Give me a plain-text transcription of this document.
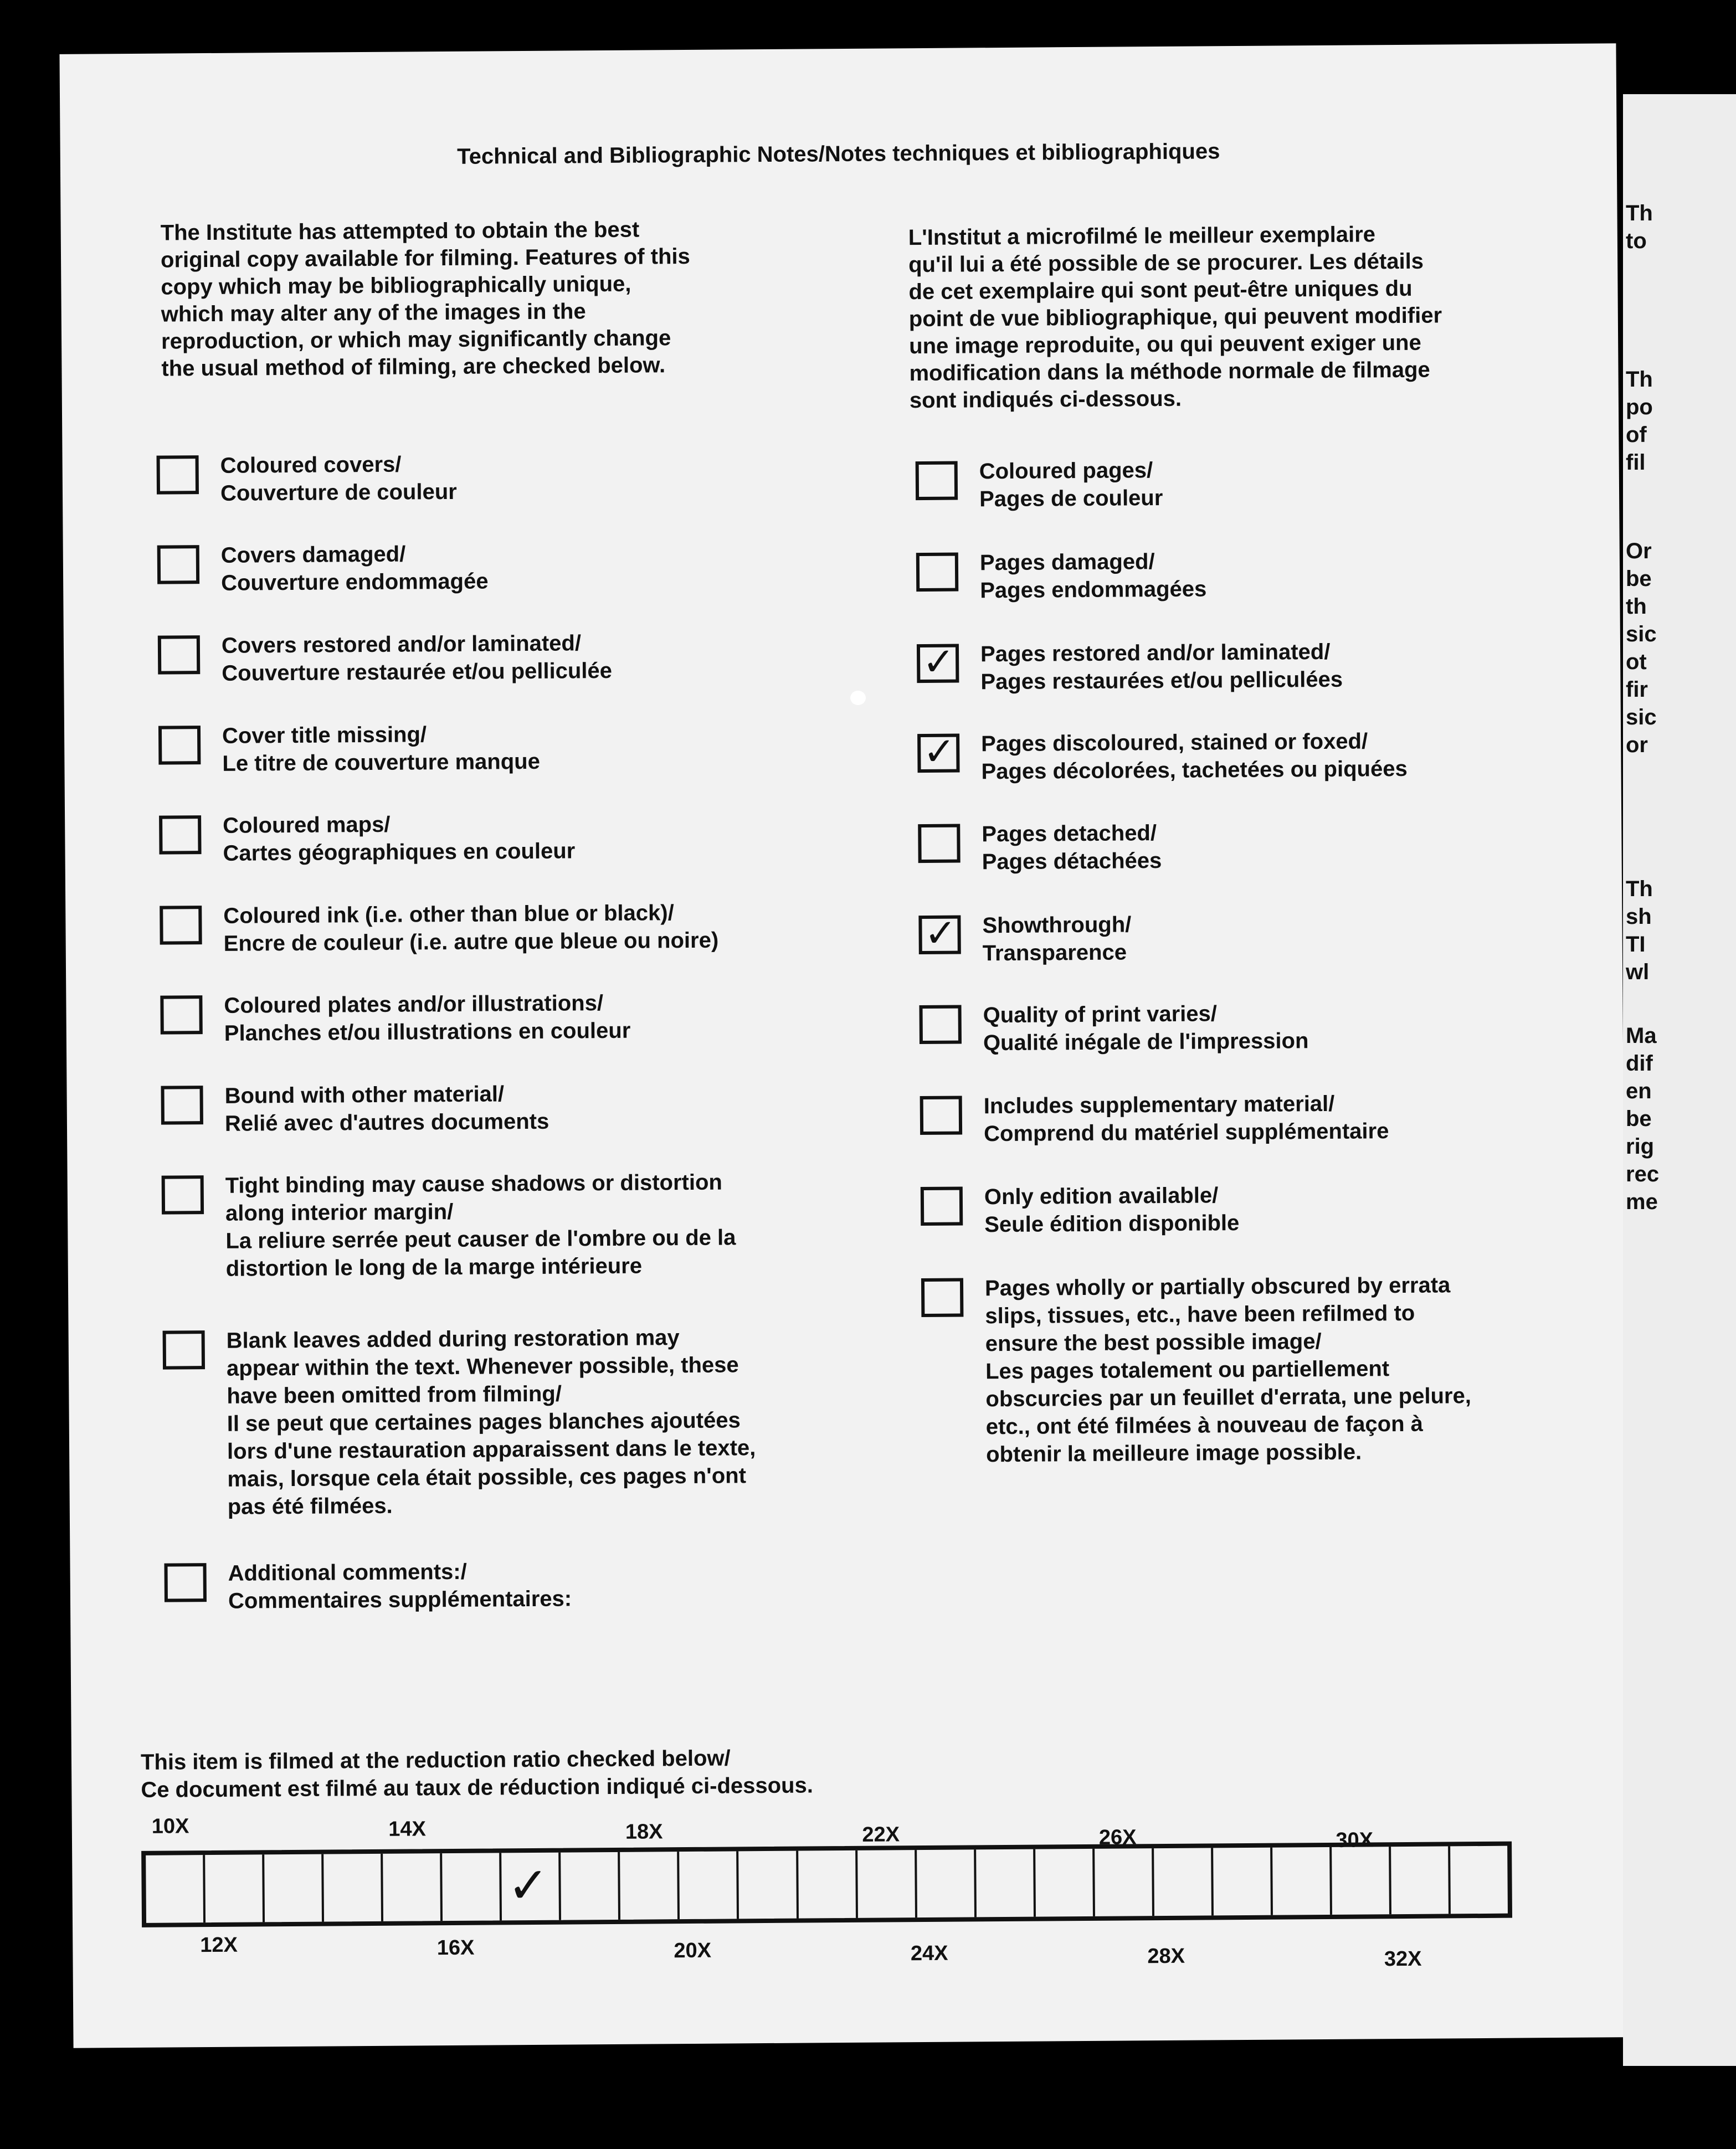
Technical and Bibliographic Notes/Notes techniques et bibliographiques
The Institute has attempted to obtain the best
original copy available for filming. Features of this
copy which may be bibliographically unique,
which may alter any of the images in the
reproduction, or which may significantly change
the usual method of filming, are checked below.
L'Institut a microfilmé le meilleur exemplaire
qu'il lui a été possible de se procurer. Les détails
de cet exemplaire qui sont peut-être uniques du
point de vue bibliographique, qui peuvent modifier
une image reproduite, ou qui peuvent exiger une
modification dans la méthode normale de filmage
sont indiqués ci-dessous.
Coloured covers/
Couverture de couleur
Covers damaged/
Couverture endommagée
Covers restored and/or laminated/
Couverture restaurée et/ou pelliculée
Cover title missing/
Le titre de couverture manque
Coloured maps/
Cartes géographiques en couleur
Coloured ink (i.e. other than blue or black)/
Encre de couleur (i.e. autre que bleue ou noire)
Coloured plates and/or illustrations/
Planches et/ou illustrations en couleur
Bound with other material/
Relié avec d'autres documents
Tight binding may cause shadows or distortion
along interior margin/
La reliure serrée peut causer de l'ombre ou de la
distortion le long de la marge intérieure
Blank leaves added during restoration may
appear within the text. Whenever possible, these
have been omitted from filming/
Il se peut que certaines pages blanches ajoutées
lors d'une restauration apparaissent dans le texte,
mais, lorsque cela était possible, ces pages n'ont
pas été filmées.
Additional comments:/
Commentaires supplémentaires:
Coloured pages/
Pages de couleur
Pages damaged/
Pages endommagées
✓ Pages restored and/or laminated/
Pages restaurées et/ou pelliculées
✓ Pages discoloured, stained or foxed/
Pages décolorées, tachetées ou piquées
Pages detached/
Pages détachées
✓ Showthrough/
Transparence
Quality of print varies/
Qualité inégale de l'impression
Includes supplementary material/
Comprend du matériel supplémentaire
Only edition available/
Seule édition disponible
Pages wholly or partially obscured by errata
slips, tissues, etc., have been refilmed to
ensure the best possible image/
Les pages totalement ou partiellement
obscurcies par un feuillet d'errata, une pelure,
etc., ont été filmées à nouveau de façon à
obtenir la meilleure image possible.
This item is filmed at the reduction ratio checked below/
Ce document est filmé au taux de réduction indiqué ci-dessous.
✓
10X	14X	18X	22X	26X	30X
12X	16X	20X	24X	28X	32X
Th
to
Th
po
of
fil
Or
be
th
sic
ot
fir
sic
or
Th
sh
TI
wl
Ma
dif
en
be
rig
rec
me
